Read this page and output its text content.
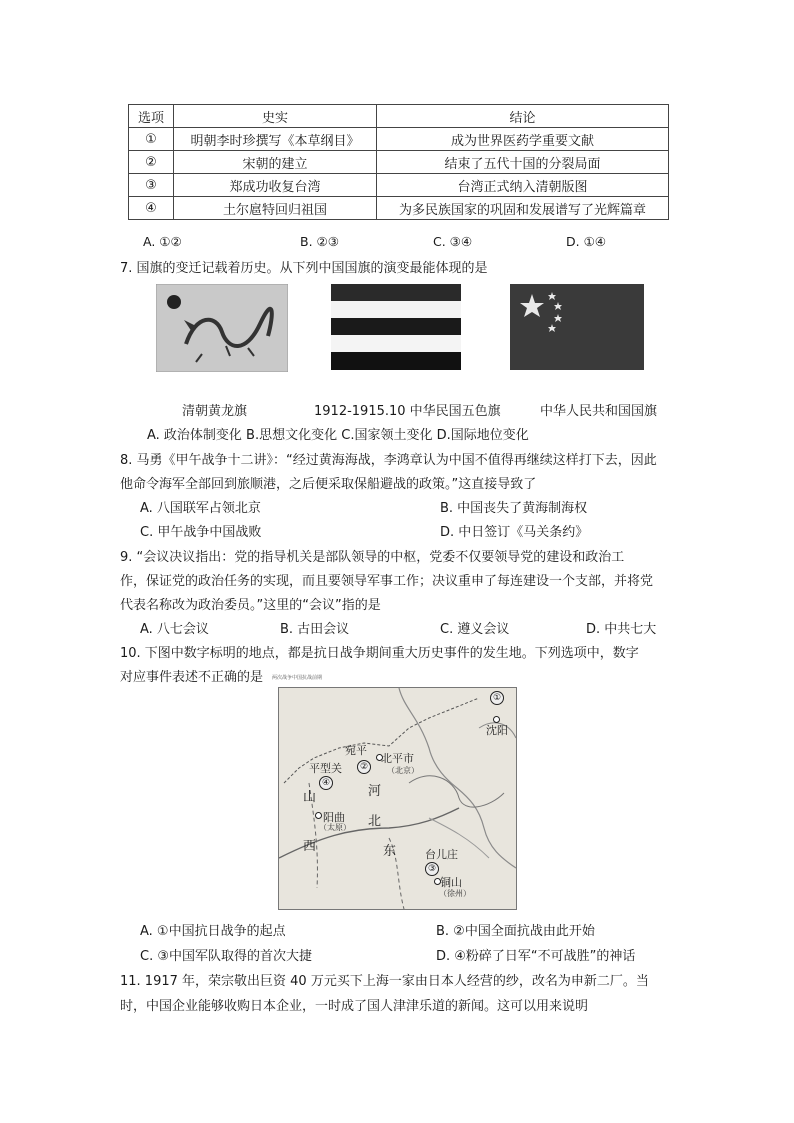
选项	史实	结论
①	明朝李时珍撰写《本草纲目》	成为世界医药学重要文献
②	宋朝的建立	结束了五代十国的分裂局面
③	郑成功收复台湾	台湾正式纳入清朝版图
④	土尔扈特回归祖国	为多民族国家的巩固和发展谱写了光辉篇章
A. ①②	B. ②③	C. ③④	D. ①④
7. 国旗的变迁记载着历史。从下列中国国旗的演变最能体现的是
清朝黄龙旗	1912-1915.10 中华民国五色旗	中华人民共和国国旗
A. 政治体制变化 B.思想文化变化 C.国家领土变化 D.国际地位变化
8. 马勇《甲午战争十二讲》：“经过黄海海战，李鸿章认为中国不值得再继续这样打下去，因此
他命令海军全部回到旅顺港，之后便采取保船避战的政策。”这直接导致了
A. 八国联军占领北京	B. 中国丧失了黄海制海权
C. 甲午战争中国战败	D. 中日签订《马关条约》
9. “会议决议指出：党的指导机关是部队领导的中枢，党委不仅要领导党的建设和政治工
作，保证党的政治任务的实现，而且要领导军事工作；决议重申了每连建设一个支部，并将党
代表名称改为政治委员。”这里的“会议”指的是
A. 八七会议	B. 古田会议	C. 遵义会议	D. 中共七大
10. 下图中数字标明的地点，都是抗日战争期间重大历史事件的发生地。下列选项中，数字
对应事件表述不正确的是 两次战争中国抗战前期
①
沈阳
宛平
②
北平市
（北京）
平型关
④
山
西
河
北
东
阳曲
（太原）
台儿庄
③
铜山
（徐州）
A. ①中国抗日战争的起点	B. ②中国全面抗战由此开始
C. ③中国军队取得的首次大捷	D. ④粉碎了日军“不可战胜”的神话
11. 1917 年，荣宗敬出巨资 40 万元买下上海一家由日本人经营的纱，改名为申新二厂。当
时，中国企业能够收购日本企业，一时成了国人津津乐道的新闻。这可以用来说明
